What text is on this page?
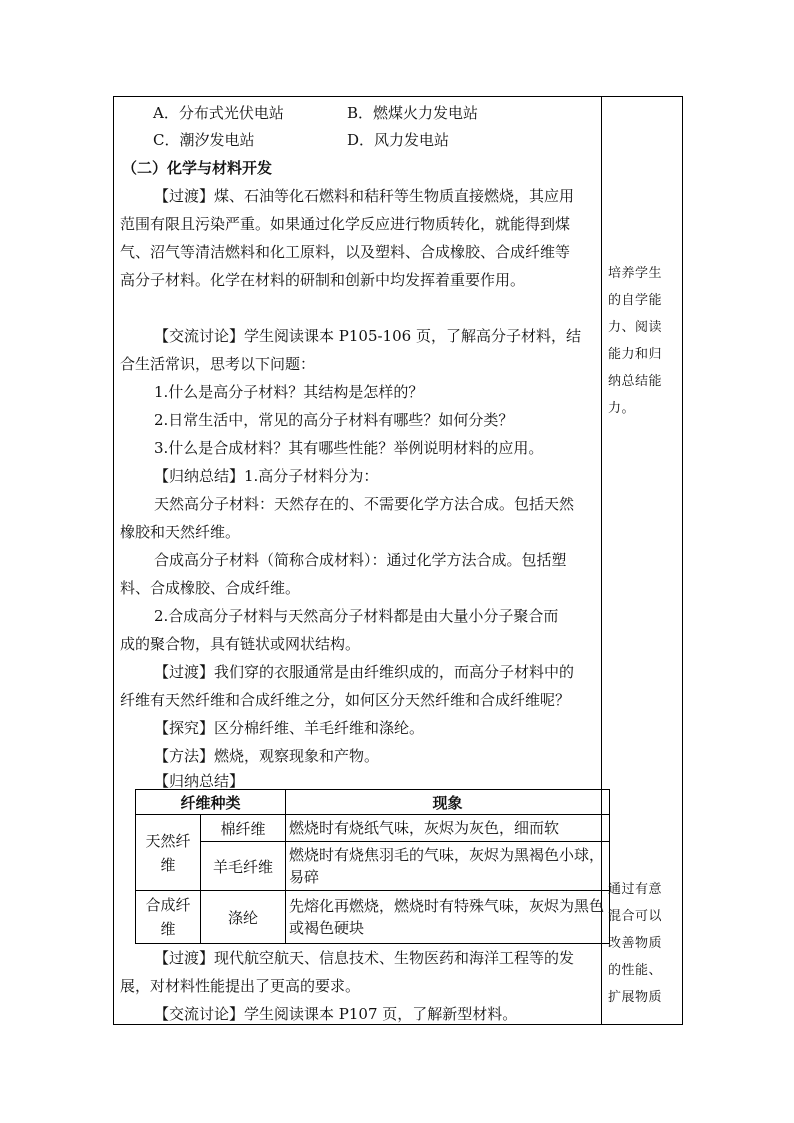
A．分布式光伏电站	B．燃煤火力发电站
C．潮汐发电站	D．风力发电站
（二）化学与材料开发
【过渡】煤、石油等化石燃料和秸秆等生物质直接燃烧，其应用
范围有限且污染严重。如果通过化学反应进行物质转化，就能得到煤
气、沼气等清洁燃料和化工原料，以及塑料、合成橡胶、合成纤维等
高分子材料。化学在材料的研制和创新中均发挥着重要作用。
【交流讨论】学生阅读课本 P105-106 页，了解高分子材料，结
合生活常识，思考以下问题：
1.什么是高分子材料？其结构是怎样的？
2.日常生活中，常见的高分子材料有哪些？如何分类？
3.什么是合成材料？其有哪些性能？举例说明材料的应用。
【归纳总结】1.高分子材料分为：
天然高分子材料：天然存在的、不需要化学方法合成。包括天然
橡胶和天然纤维。
合成高分子材料（简称合成材料）：通过化学方法合成。包括塑
料、合成橡胶、合成纤维。
2.合成高分子材料与天然高分子材料都是由大量小分子聚合而
成的聚合物，具有链状或网状结构。
【过渡】我们穿的衣服通常是由纤维织成的，而高分子材料中的
纤维有天然纤维和合成纤维之分，如何区分天然纤维和合成纤维呢？
【探究】区分棉纤维、羊毛纤维和涤纶。
【方法】燃烧，观察现象和产物。
【归纳总结】
纤维种类		现象
天然纤维	棉纤维	燃烧时有烧纸气味，灰烬为灰色，细而软
	羊毛纤维	燃烧时有烧焦羽毛的气味，灰烬为黑褐色小球，易碎
合成纤维	涤纶	先熔化再燃烧，燃烧时有特殊气味，灰烬为黑色或褐色硬块
【过渡】现代航空航天、信息技术、生物医药和海洋工程等的发
展，对材料性能提出了更高的要求。
【交流讨论】学生阅读课本 P107 页，了解新型材料。
培养学生
的自学能
力、阅读
能力和归
纳总结能
力。
通过有意
混合可以
改善物质
的性能、
扩展物质
